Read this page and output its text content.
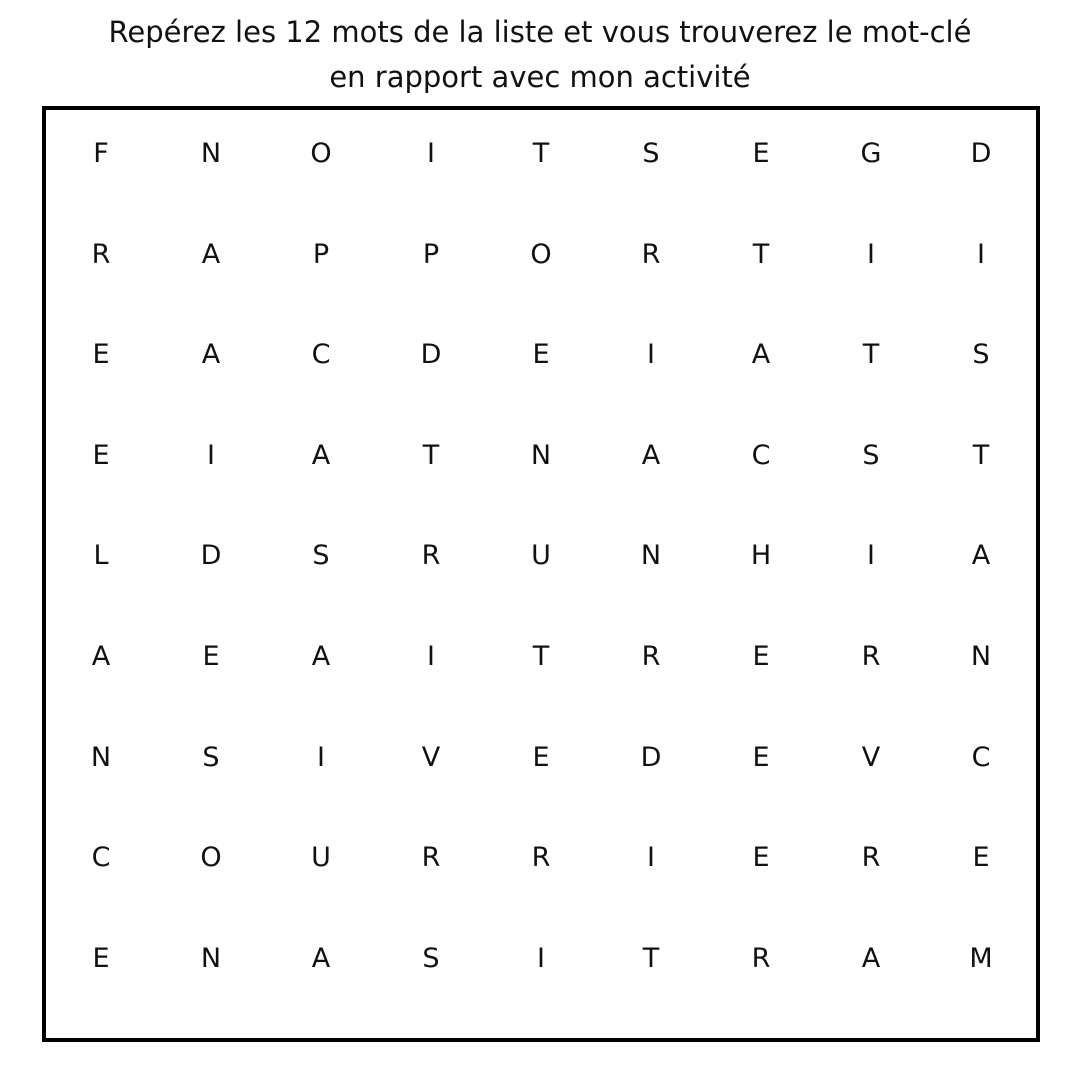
Repérez les 12 mots de la liste et vous trouverez le mot-clé
en rapport avec mon activité
F	N	O	I	T	S	E	G	D
R	A	P	P	O	R	T	I	I
E	A	C	D	E	I	A	T	S
E	I	A	T	N	A	C	S	T
L	D	S	R	U	N	H	I	A
A	E	A	I	T	R	E	R	N
N	S	I	V	E	D	E	V	C
C	O	U	R	R	I	E	R	E
E	N	A	S	I	T	R	A	M
